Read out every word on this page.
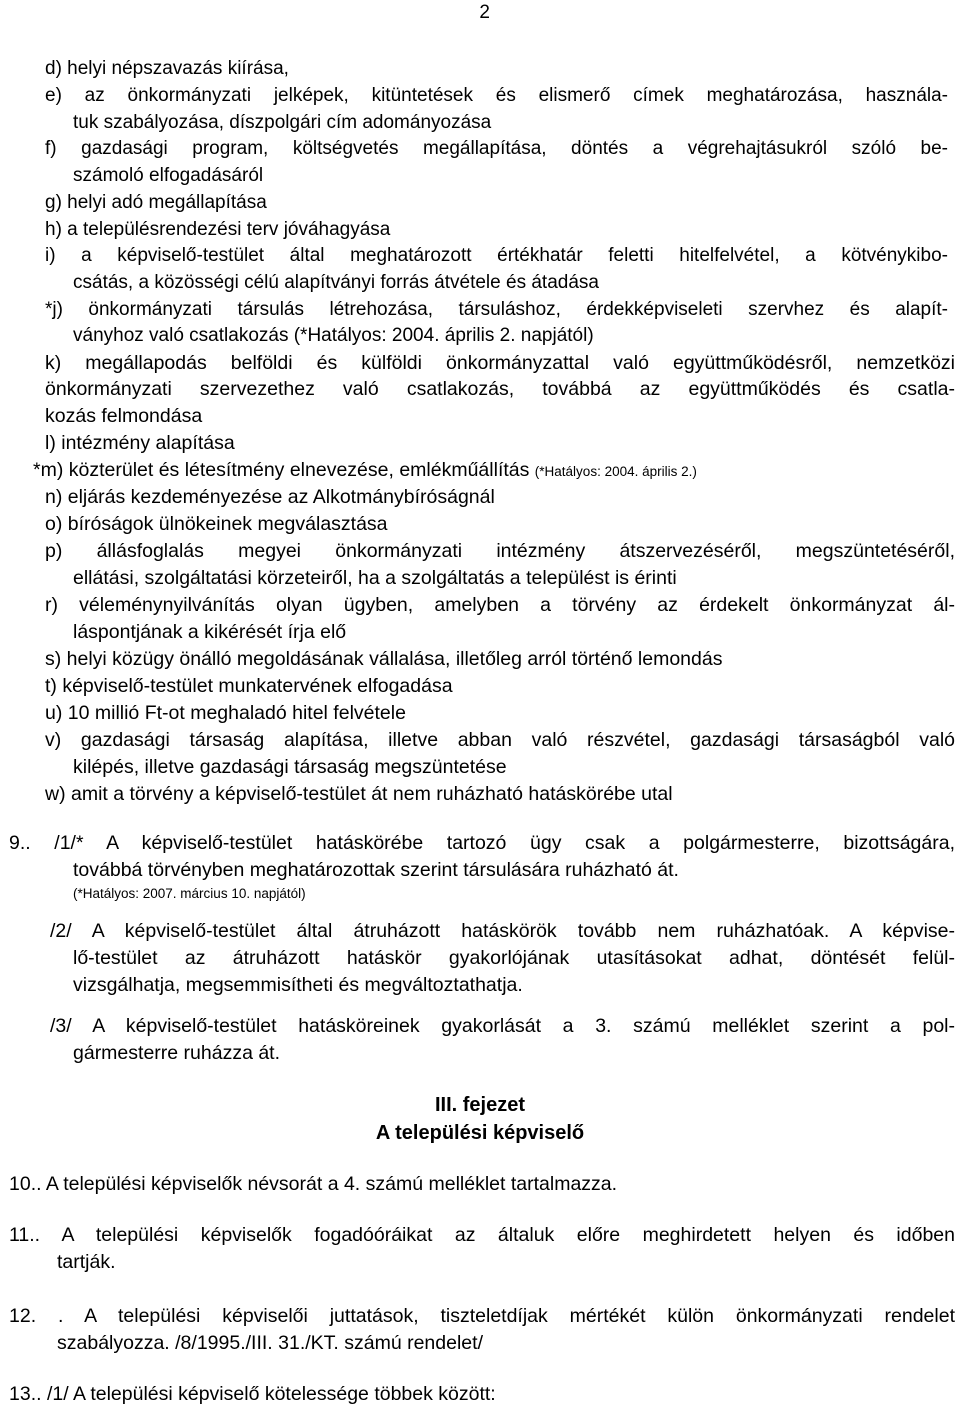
2
d) helyi népszavazás kiírása,
e) az önkormányzati jelképek, kitüntetések és elismerő címek meghatározása, használa-
tuk szabályozása, díszpolgári cím adományozása
f) gazdasági program, költségvetés megállapítása, döntés a végrehajtásukról szóló be-
számoló elfogadásáról
g) helyi adó megállapítása
h) a településrendezési terv jóváhagyása
i) a képviselő-testület által meghatározott értékhatár feletti hitelfelvétel, a kötvénykibo-
csátás, a közösségi célú alapítványi forrás átvétele és átadása
*j) önkormányzati társulás létrehozása, társuláshoz, érdekképviseleti szervhez és alapít-
ványhoz való csatlakozás (*Hatályos: 2004. április 2. napjától)
k) megállapodás belföldi és külföldi önkormányzattal való együttműködésről, nemzetközi
önkormányzati szervezethez való csatlakozás, továbbá az együttműködés és csatla-
kozás felmondása
l) intézmény alapítása
*m) közterület és létesítmény elnevezése, emlékműállítás (*Hatályos: 2004. április 2.)
n) eljárás kezdeményezése az Alkotmánybíróságnál
o) bíróságok ülnökeinek megválasztása
p) állásfoglalás megyei önkormányzati intézmény átszervezéséről, megszüntetéséről,
ellátási, szolgáltatási körzeteiről, ha a szolgáltatás a települést is érinti
r) véleménynyilvánítás olyan ügyben, amelyben a törvény az érdekelt önkormányzat ál-
láspontjának a kikérését írja elő
s) helyi közügy önálló megoldásának vállalása, illetőleg arról történő lemondás
t) képviselő-testület munkatervének elfogadása
u) 10 millió Ft-ot meghaladó hitel felvétele
v) gazdasági társaság alapítása, illetve abban való részvétel, gazdasági társaságból való
kilépés, illetve gazdasági társaság megszüntetése
w) amit a törvény a képviselő-testület át nem ruházható hatáskörébe utal
9.. /1/* A képviselő-testület hatáskörébe tartozó ügy csak a polgármesterre, bizottságára,
továbbá törvényben meghatározottak szerint társulására ruházható át.
(*Hatályos: 2007. március 10. napjától)
/2/ A képviselő-testület által átruházott hatáskörök tovább nem ruházhatóak. A képvise-
lő-testület az átruházott hatáskör gyakorlójának utasításokat adhat, döntését felül-
vizsgálhatja, megsemmisítheti és megváltoztathatja.
/3/ A képviselő-testület hatásköreinek gyakorlását a 3. számú melléklet szerint a pol-
gármesterre ruházza át.
III. fejezet
A települési képviselő
10.. A települési képviselők névsorát a 4. számú melléklet tartalmazza.
11.. A települési képviselők fogadóóráikat az általuk előre meghirdetett helyen és időben
tartják.
12. . A települési képviselői juttatások, tiszteletdíjak mértékét külön önkormányzati rendelet
szabályozza. /8/1995./III. 31./KT. számú rendelet/
13.. /1/ A települési képviselő kötelessége többek között:
